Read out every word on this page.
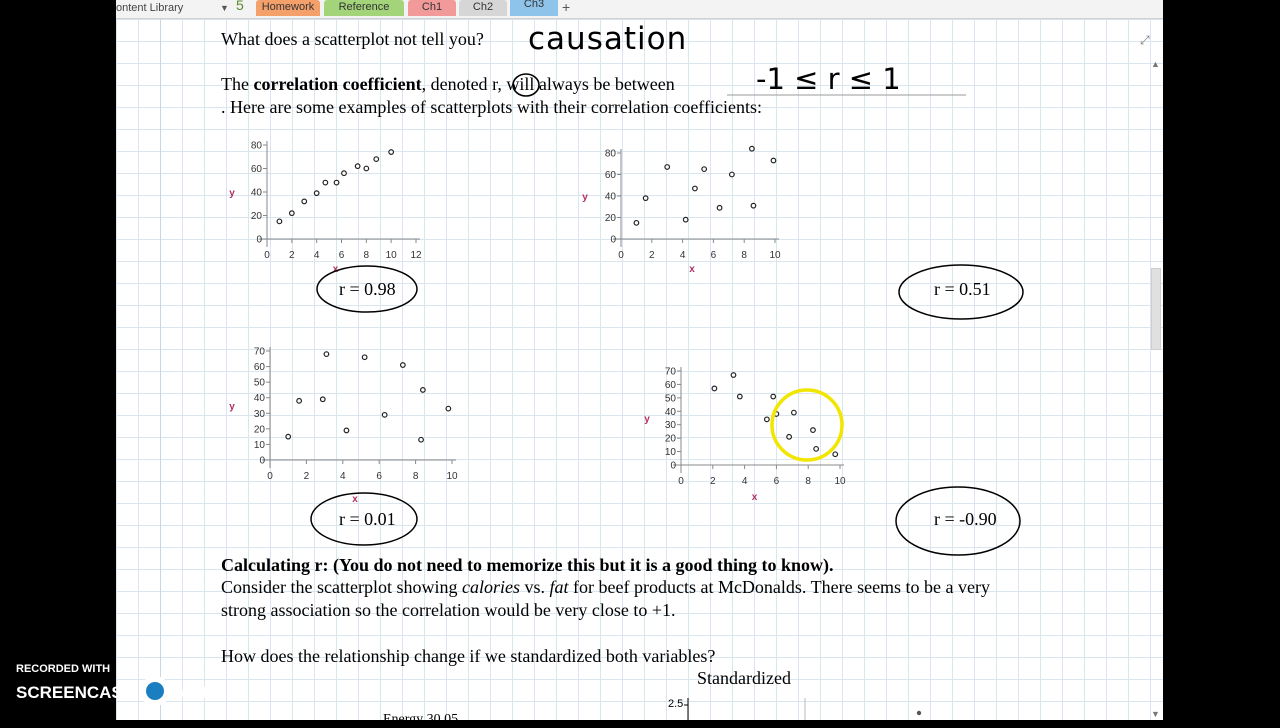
ontent Library	▼ 5	Homework	Reference	Ch1	Ch2	Ch3	+
⤢
▲
▼
What does a scatterplot not tell you? causation
The correlation coefficient, denoted r, will always be between	-1 ≤ r ≤ 1
. Here are some examples of scatterplots with their correlation coefficients:
0 2 4 6 8 10 12
0
20
40
60
80
x
y
0	2	4	6	8 10
0
20
40
60
80
x
y
0	2	4	6	8	10
0
10
20
30
40
50
60
70
x
y
0	2	4	6	8 10
0
10
20
30
40
50
60
70
x
y
r = 0.98	r = 0.51
r = 0.01	r = -0.90
Calculating r: (You do not need to memorize this but it is a good thing to know).
Consider the scatterplot showing calories vs. fat for beef products at McDonalds. There seems to be a very
strong association so the correlation would be very close to +1.
How does the relationship change if we standardized both variables?
Standardized
2.5
Energy 30.05
RECORDED WITH
SCREENCAST MATIC
